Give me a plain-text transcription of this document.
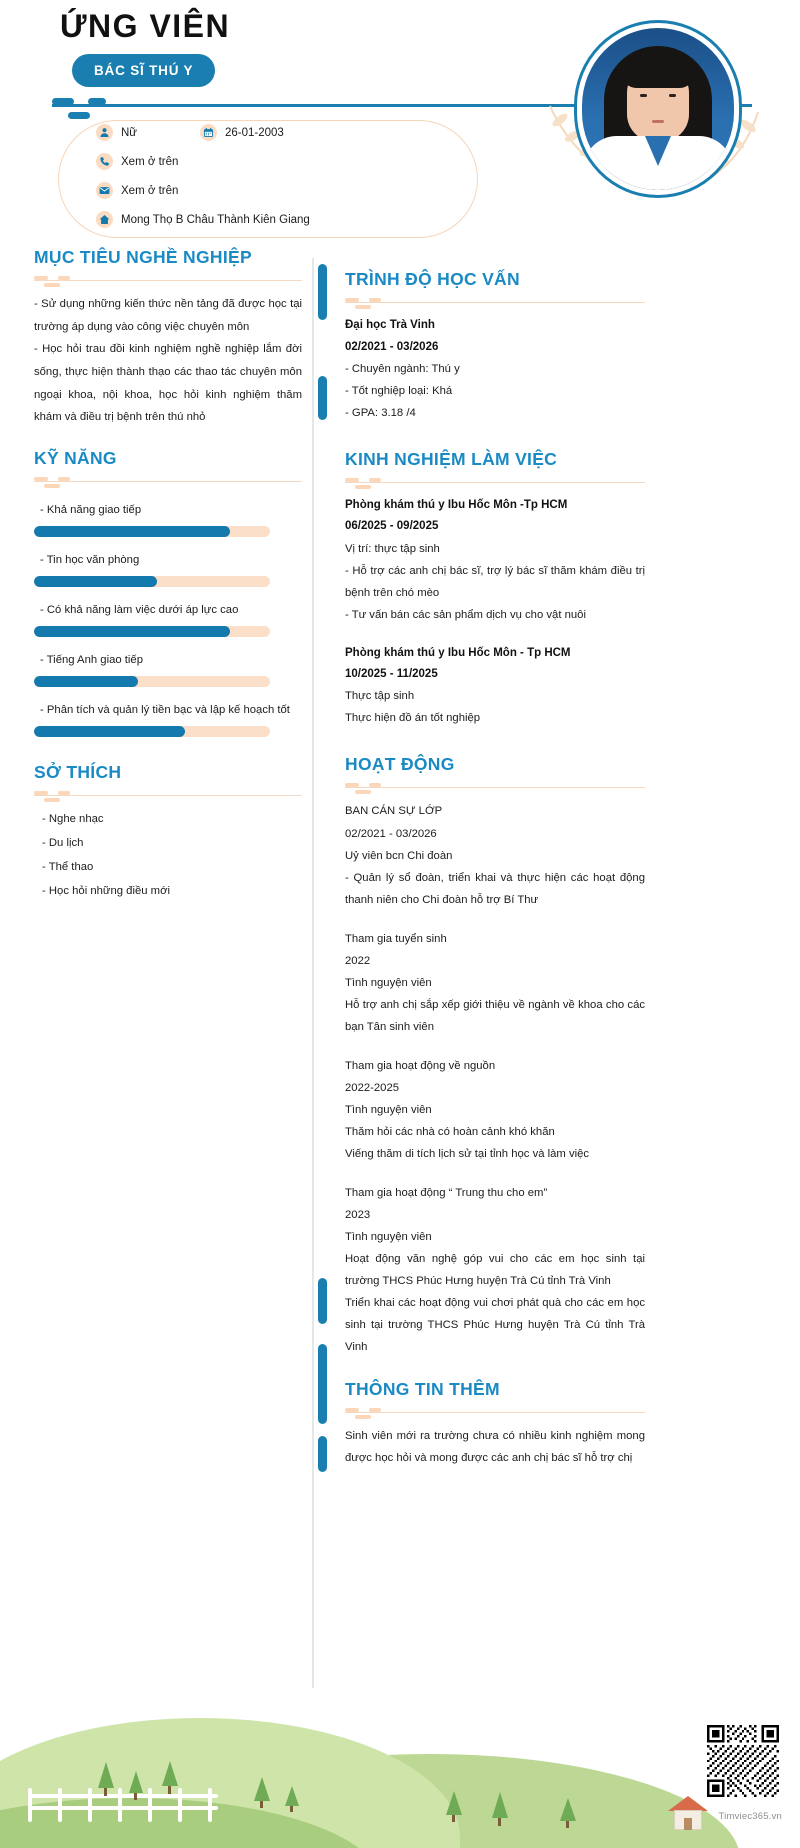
ỨNG VIÊN
BÁC SĨ THÚ Y
Nữ	26-01-2003
Xem ở trên
Xem ở trên
Mong Thọ B Châu Thành Kiên Giang
MỤC TIÊU NGHỀ NGHIỆP

- Sử dụng những kiến thức nền tảng đã được học tại trường áp dụng vào công việc chuyên môn

- Học hỏi trau đồi kinh nghiệm nghề nghiệp lắm đời sống, thực hiện thành thạo các thao tác chuyên môn ngoại khoa, nội khoa, học hỏi kinh nghiệm thăm khám và điều trị bệnh trên thú nhỏ

KỸ NĂNG
- Khả năng giao tiếp
- Tin học văn phòng
- Có khả năng làm việc dưới áp lực cao
- Tiếng Anh giao tiếp
- Phân tích và quản lý tiền bạc và lập kế hoạch tốt
SỞ THÍCH
- Nghe nhạc
- Du lịch
- Thể thao
- Học hỏi những điều mới
TRÌNH ĐỘ HỌC VẤN
Đại học Trà Vinh
02/2021 - 03/2026
- Chuyên ngành: Thú y
- Tốt nghiệp loại: Khá
- GPA: 3.18 /4
KINH NGHIỆM LÀM VIỆC
Phòng khám thú y Ibu Hốc Môn -Tp HCM
06/2025 - 09/2025
Vị trí: thực tập sinh
- Hỗ trợ các anh chị bác sĩ, trợ lý bác sĩ thăm khám điều trị bệnh trên chó mèo
- Tư vấn bán các sản phẩm dịch vụ cho vật nuôi
Phòng khám thú y Ibu Hốc Môn - Tp HCM
10/2025 - 11/2025
Thực tập sinh
Thực hiện đồ án tốt nghiệp
HOẠT ĐỘNG
BAN CÁN SỰ LỚP
02/2021 - 03/2026
Uỷ viên bcn Chi đoàn
- Quản lý sổ đoàn, triển khai và thực hiện các hoạt động thanh niên cho Chi đoàn hỗ trợ Bí Thư
Tham gia tuyển sinh
2022
Tình nguyện viên
Hỗ trợ anh chị sắp xếp giới thiệu về ngành về khoa cho các bạn Tân sinh viên
Tham gia hoạt động về nguồn
2022-2025
Tình nguyện viên
Thăm hỏi các nhà có hoàn cảnh khó khăn
Viếng thăm di tích lịch sử tại tỉnh học và làm việc
Tham gia hoạt động “ Trung thu cho em”
2023
Tình nguyện viên
Hoạt động văn nghệ góp vui cho các em học sinh tại trường THCS Phúc Hưng huyện Trà Cú tỉnh Trà Vinh
Triển khai các hoạt động vui chơi phát quà cho các em học sinh tại trường THCS Phúc Hưng huyện Trà Cú tỉnh Trà Vinh
THÔNG TIN THÊM
Sinh viên mới ra trường chưa có nhiều kinh nghiệm mong được học hỏi và mong được các anh chị bác sĩ hỗ trợ chị
Timviec365.vn
